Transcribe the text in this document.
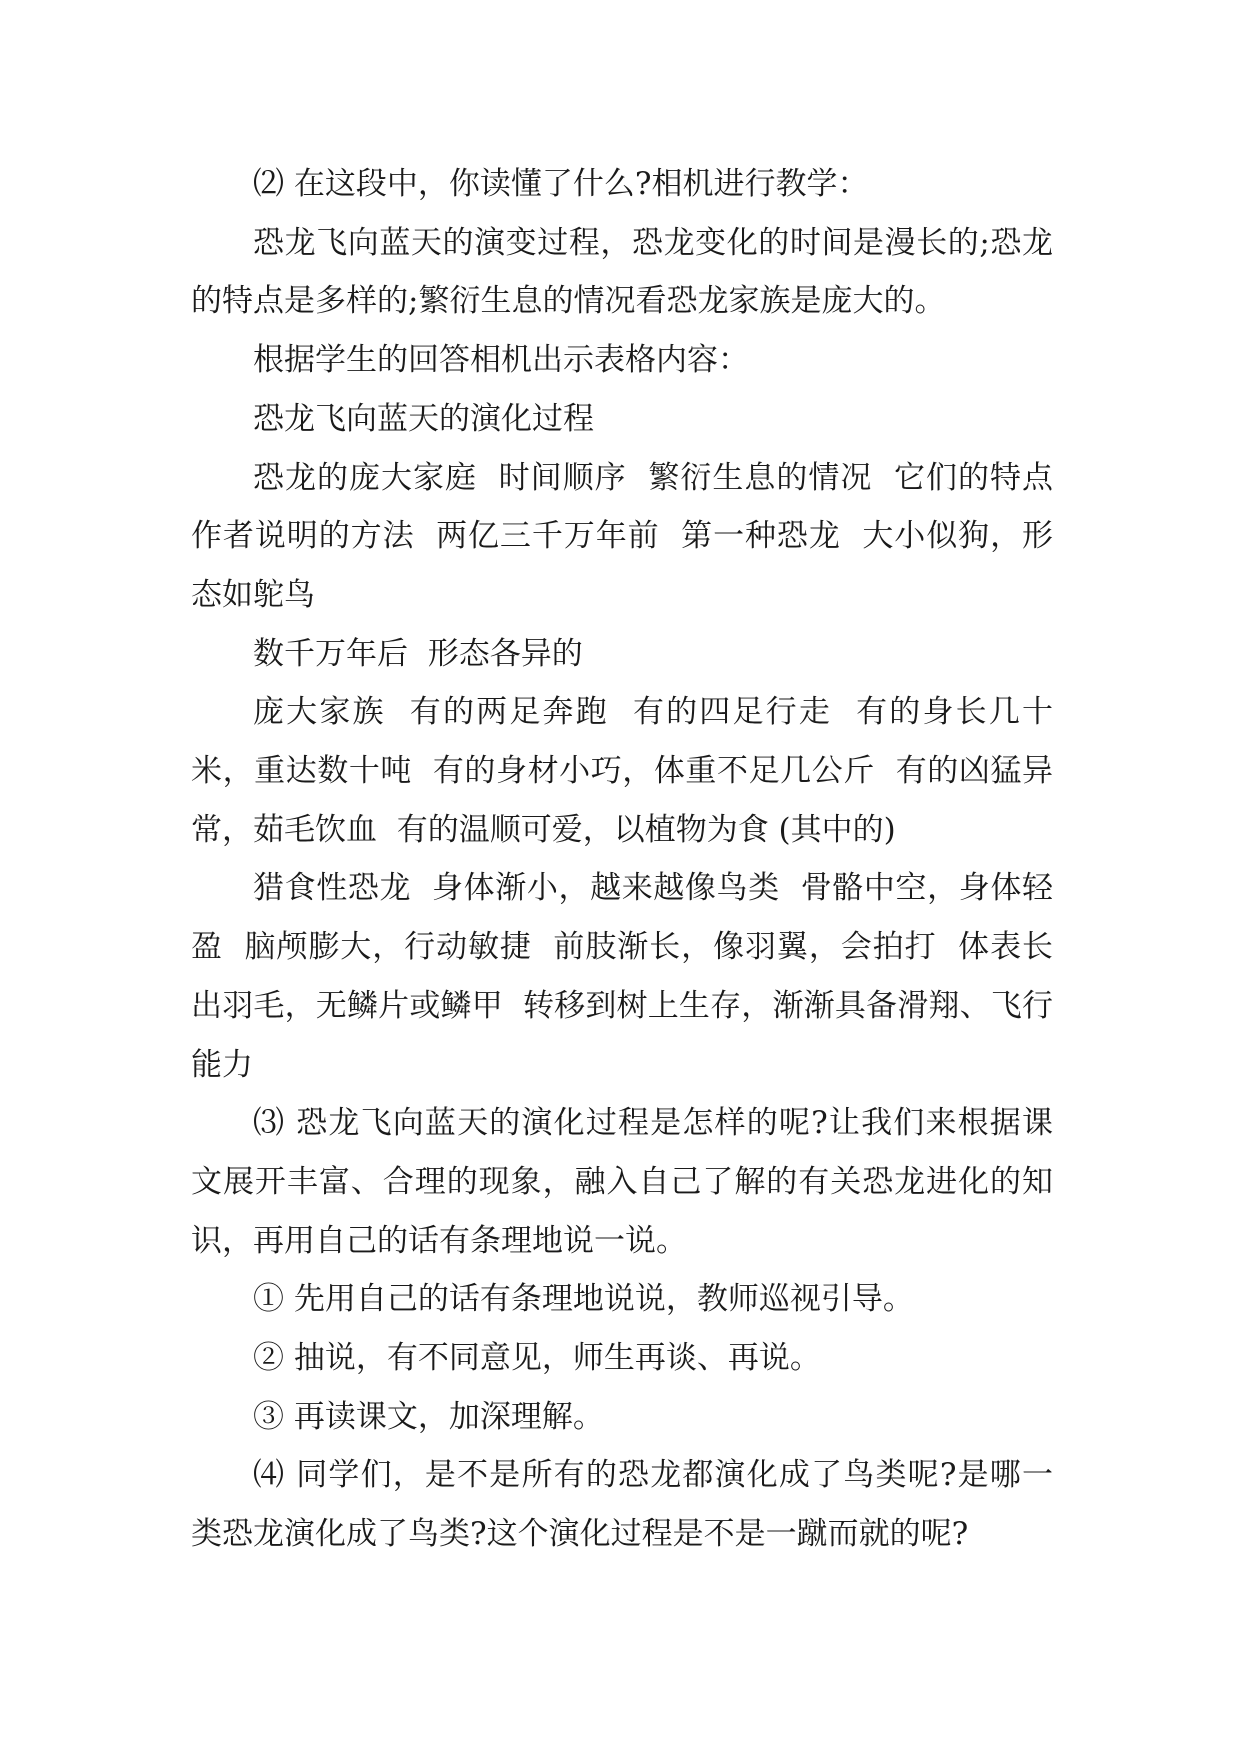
⑵ 在这段中，你读懂了什么?相机进行教学：

恐龙飞向蓝天的演变过程，恐龙变化的时间是漫长的;恐龙的特点是多样的;繁衍生息的情况看恐龙家族是庞大的。

根据学生的回答相机出示表格内容：

恐龙飞向蓝天的演化过程

恐龙的庞大家庭  时间顺序  繁衍生息的情况  它们的特点  作者说明的方法  两亿三千万年前  第一种恐龙  大小似狗，形态如鸵鸟

数千万年后  形态各异的

庞大家族  有的两足奔跑  有的四足行走  有的身长几十米，重达数十吨  有的身材小巧，体重不足几公斤  有的凶猛异常，茹毛饮血  有的温顺可爱，以植物为食 (其中的)

猎食性恐龙  身体渐小，越来越像鸟类  骨骼中空，身体轻盈  脑颅膨大，行动敏捷  前肢渐长，像羽翼，会拍打  体表长出羽毛，无鳞片或鳞甲  转移到树上生存，渐渐具备滑翔、飞行能力

⑶ 恐龙飞向蓝天的演化过程是怎样的呢?让我们来根据课文展开丰富、合理的现象，融入自己了解的有关恐龙进化的知识，再用自己的话有条理地说一说。

① 先用自己的话有条理地说说，教师巡视引导。

② 抽说，有不同意见，师生再谈、再说。

③ 再读课文，加深理解。

⑷ 同学们，是不是所有的恐龙都演化成了鸟类呢?是哪一类恐龙演化成了鸟类?这个演化过程是不是一蹴而就的呢?
